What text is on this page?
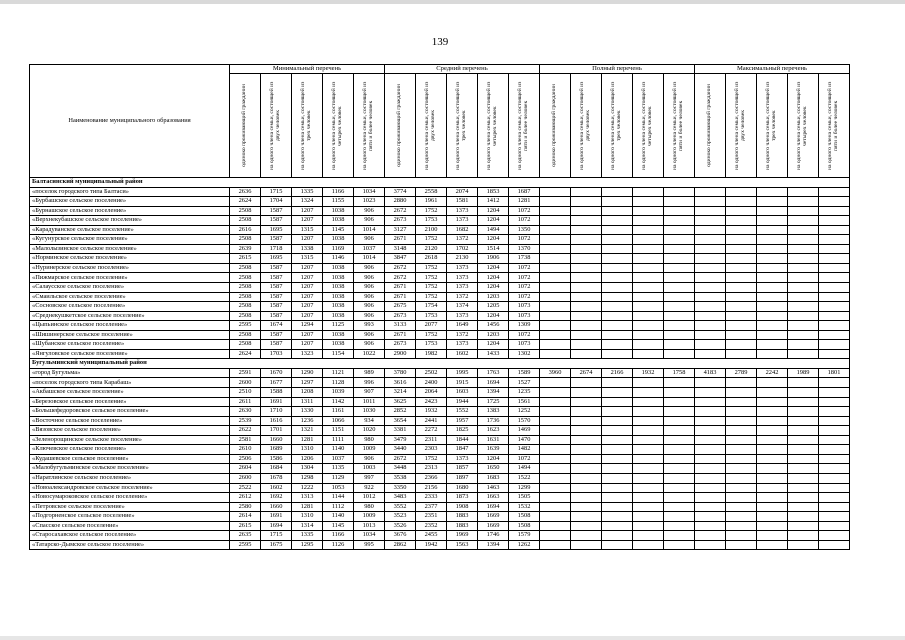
139
Наименование муниципального образования	Минимальный перечень					Средний перечень					Полный перечень					Максимальный перечень				

	одиноко проживающий гражданин	на одного члена семьи, состоящей из двух человек	на одного члена семьи, состоящей из трех человек	на одного члена семьи, состоящей из четырех человек	на одного члена семьи, состоящей из пяти и более человек	одиноко проживающий гражданин	на одного члена семьи, состоящей из двух человек	на одного члена семьи, состоящей из трех человек	на одного члена семьи, состоящей из четырех человек	на одного члена семьи, состоящей из пяти и более человек	одиноко проживающий гражданин	на одного члена семьи, состоящей из двух человек	на одного члена семьи, состоящей из трех человек	на одного члена семьи, состоящей из четырех человек	на одного члена семьи, состоящей из пяти и более человек	одиноко проживающий гражданин	на одного члена семьи, состоящей из двух человек	на одного члена семьи, состоящей из трех человек	на одного члена семьи, состоящей из четырех человек	на одного члена семьи, состоящей из пяти и более человек

Балтасинский муниципальный район																				
«поселок городского типа Балтаси»	2636	1715	1335	1166	1034	3774	2558	2074	1853	1687										
«Бурбашское сельское поселение»	2624	1704	1324	1155	1023	2880	1961	1581	1412	1281										
«Бурнашское сельское поселение»	2508	1587	1207	1038	906	2672	1752	1373	1204	1072										
«Верхнекубашское сельское поселение»	2508	1587	1207	1038	906	2673	1753	1373	1204	1072										
«Карадуванское сельское поселение»	2616	1695	1315	1145	1014	3127	2100	1682	1494	1350										
«Кугунурское сельское поселение»	2508	1587	1207	1038	906	2671	1752	1372	1204	1072										
«Малолызинское сельское поселение»	2639	1718	1338	1169	1037	3148	2120	1702	1514	1370										
«Норминское сельское поселение»	2615	1695	1315	1146	1014	3847	2618	2130	1906	1738										
«Нуринерское сельское поселение»	2508	1587	1207	1038	906	2672	1752	1373	1204	1072										
«Пижмарское сельское поселение»	2508	1587	1207	1038	906	2672	1752	1373	1204	1072										
«Салаусское сельское поселение»	2508	1587	1207	1038	906	2671	1752	1373	1204	1072										
«Смаильское сельское поселение»	2508	1587	1207	1038	906	2671	1752	1372	1203	1072										
«Сосновское сельское поселение»	2508	1587	1207	1038	906	2675	1754	1374	1205	1073										
«Среднекушкетское сельское поселение»	2508	1587	1207	1038	906	2673	1753	1373	1204	1073										
«Цыпьинское сельское поселение»	2595	1674	1294	1125	993	3133	2077	1649	1456	1309										
«Шишинерское сельское поселение»	2508	1587	1207	1038	906	2671	1752	1372	1203	1072										
«Шубанское сельское поселение»	2508	1587	1207	1038	906	2673	1753	1373	1204	1073										
«Янгуловское сельское поселение»	2624	1703	1323	1154	1022	2900	1982	1602	1433	1302										
Бугульминский муниципальный район																				
«город Бугульма»	2591	1670	1290	1121	989	3780	2502	1995	1763	1589	3960	2674	2166	1932	1758	4183	2789	2242	1989	1801
«поселок городского типа Карабаш»	2600	1677	1297	1128	996	3616	2400	1915	1694	1527										
«Акбашское сельское поселение»	2510	1588	1208	1039	907	3214	2064	1603	1394	1235										
«Березовское сельское поселение»	2611	1691	1311	1142	1011	3625	2423	1944	1725	1561										
«Большефедоровское сельское поселение»	2630	1710	1330	1161	1030	2852	1932	1552	1383	1252										
«Восточное сельское поселение»	2539	1616	1236	1066	934	3654	2441	1957	1736	1570										
«Вязовское сельское поселение»	2622	1701	1321	1151	1020	3381	2272	1825	1623	1469										
«Зеленорощинское сельское поселение»	2581	1660	1281	1111	980	3479	2311	1844	1631	1470										
«Ключевское сельское поселение»	2610	1689	1310	1140	1009	3440	2303	1847	1639	1482										
«Кудашевское сельское поселение»	2506	1586	1206	1037	906	2672	1752	1373	1204	1072										
«Малобугульминское сельское поселение»	2604	1684	1304	1135	1003	3448	2313	1857	1650	1494										
«Наратлинское сельское поселение»	2600	1678	1298	1129	997	3538	2366	1897	1683	1522										
«Новоалександровское сельское поселение»	2522	1602	1222	1053	922	3350	2156	1680	1463	1299										
«Новосумароковское сельское поселение»	2612	1692	1313	1144	1012	3483	2333	1873	1663	1505										
«Петровское сельское поселение»	2580	1660	1281	1112	980	3552	2377	1908	1694	1532										
«Подгорненское сельское поселение»	2614	1691	1310	1140	1009	3523	2351	1883	1669	1508										
«Спасское сельское поселение»	2615	1694	1314	1145	1013	3526	2352	1883	1669	1508										
«Старосахавское сельское поселение»	2635	1715	1335	1166	1034	3676	2455	1969	1746	1579										
«Татарско-Дымское сельское поселение»	2595	1675	1295	1126	995	2862	1942	1563	1394	1262										
